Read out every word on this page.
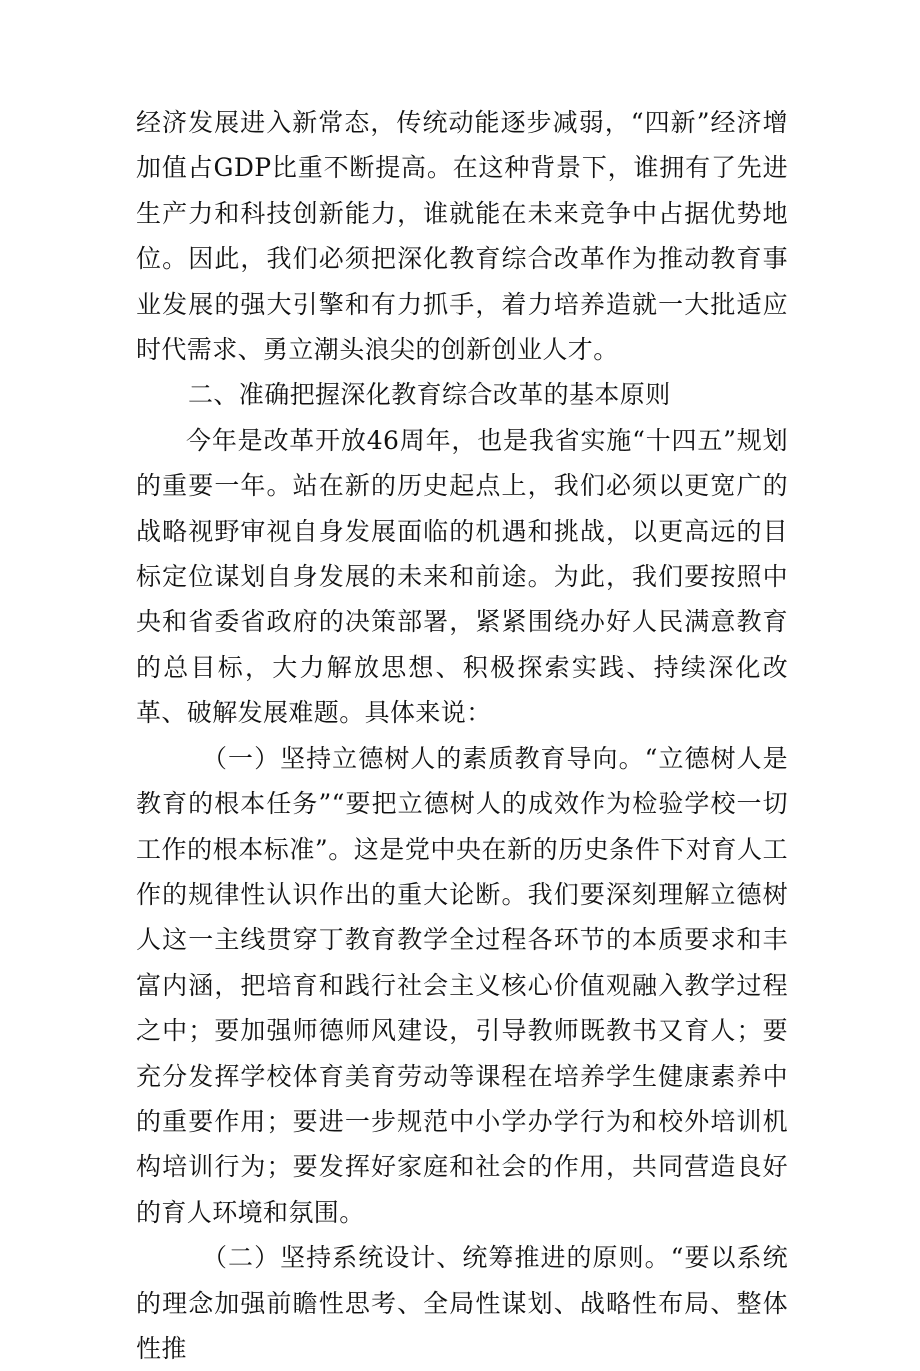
经济发展进入新常态，传统动能逐步减弱，“四新”经济增加值占GDP比重不断提高。在这种背景下，谁拥有了先进生产力和科技创新能力，谁就能在未来竞争中占据优势地位。因此，我们必须把深化教育综合改革作为推动教育事业发展的强大引擎和有力抓手，着力培养造就一大批适应时代需求、勇立潮头浪尖的创新创业人才。

二、准确把握深化教育综合改革的基本原则

今年是改革开放46周年，也是我省实施“十四五”规划的重要一年。站在新的历史起点上，我们必须以更宽广的战略视野审视自身发展面临的机遇和挑战，以更高远的目标定位谋划自身发展的未来和前途。为此，我们要按照中央和省委省政府的决策部署，紧紧围绕办好人民满意教育的总目标，大力解放思想、积极探索实践、持续深化改革、破解发展难题。具体来说：

（一）坚持立德树人的素质教育导向。“立德树人是教育的根本任务”“要把立德树人的成效作为检验学校一切工作的根本标准”。这是党中央在新的历史条件下对育人工作的规律性认识作出的重大论断。我们要深刻理解立德树人这一主线贯穿丁教育教学全过程各环节的本质要求和丰富内涵，把培育和践行社会主义核心价值观融入教学过程之中；要加强师德师风建设，引导教师既教书又育人；要充分发挥学校体育美育劳动等课程在培养学生健康素养中的重要作用；要进一步规范中小学办学行为和校外培训机构培训行为；要发挥好家庭和社会的作用，共同营造良好的育人环境和氛围。

（二）坚持系统设计、统筹推进的原则。“要以系统的理念加强前瞻性思考、全局性谋划、战略性布局、整体性推
